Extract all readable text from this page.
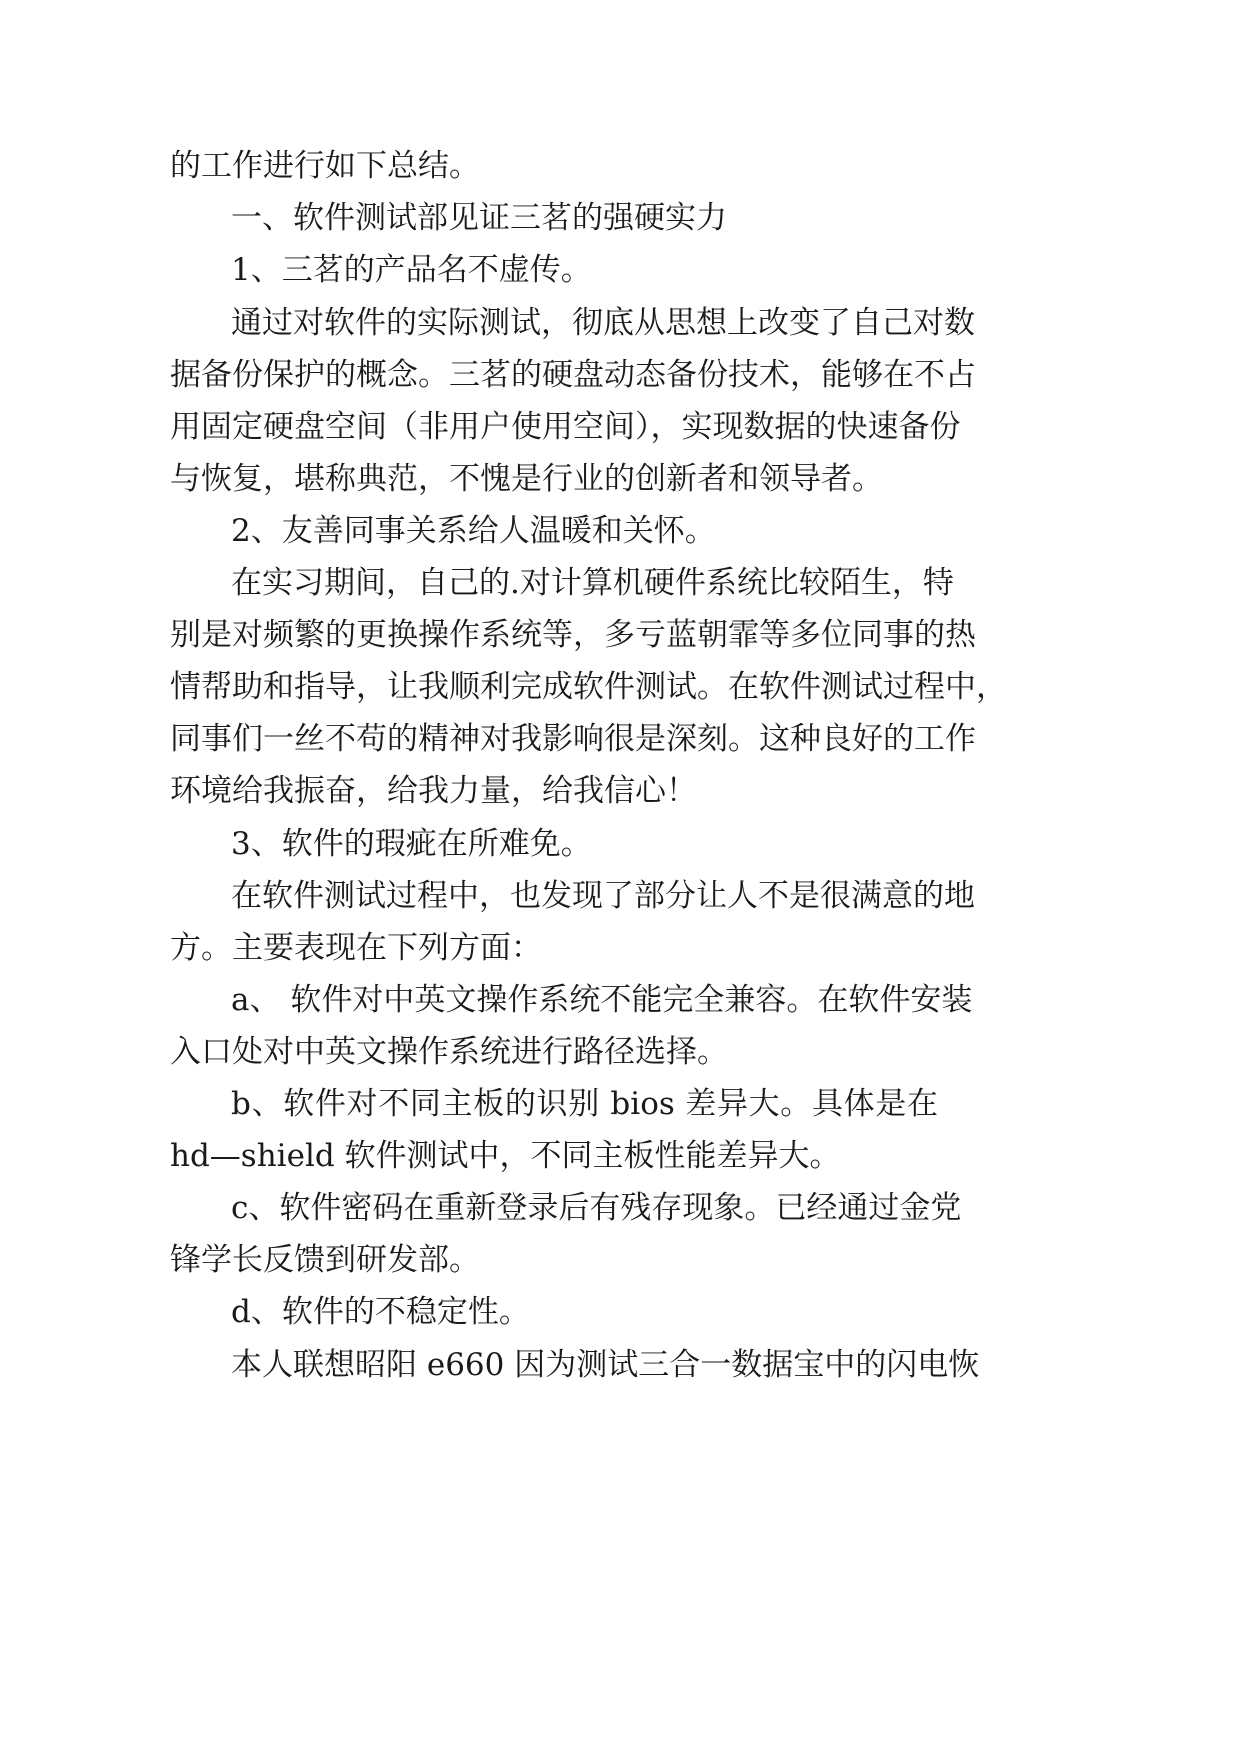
的工作进行如下总结。

一、软件测试部见证三茗的强硬实力

1、三茗的产品名不虚传。

通过对软件的实际测试，彻底从思想上改变了自己对数

据备份保护的概念。三茗的硬盘动态备份技术，能够在不占

用固定硬盘空间（非用户使用空间），实现数据的快速备份

与恢复，堪称典范，不愧是行业的创新者和领导者。

2、友善同事关系给人温暖和关怀。

在实习期间，自己的.对计算机硬件系统比较陌生，特

别是对频繁的更换操作系统等，多亏蓝朝霏等多位同事的热

情帮助和指导，让我顺利完成软件测试。在软件测试过程中，

同事们一丝不苟的精神对我影响很是深刻。这种良好的工作

环境给我振奋，给我力量，给我信心！

3、软件的瑕疵在所难免。

在软件测试过程中，也发现了部分让人不是很满意的地

方。主要表现在下列方面：

a、 软件对中英文操作系统不能完全兼容。在软件安装

入口处对中英文操作系统进行路径选择。

b、软件对不同主板的识别 bios 差异大。具体是在

hd—shield 软件测试中，不同主板性能差异大。

c、软件密码在重新登录后有残存现象。已经通过金党

锋学长反馈到研发部。

d、软件的不稳定性。

本人联想昭阳 e660 因为测试三合一数据宝中的闪电恢
